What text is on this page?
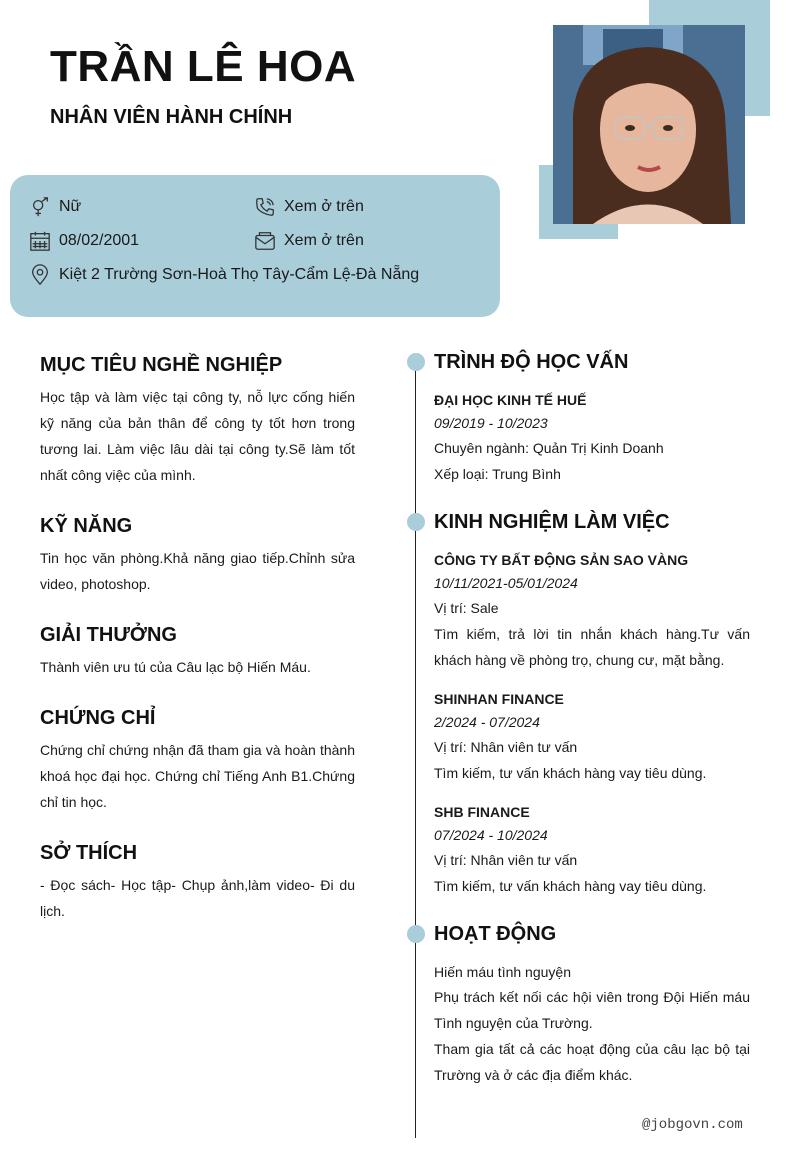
TRẦN LÊ HOA
NHÂN VIÊN HÀNH CHÍNH
Nữ	Xem ở trên
08/02/2001	Xem ở trên
Kiệt 2 Trường Sơn-Hoà Thọ Tây-Cẩm Lệ-Đà Nẵng
MỤC TIÊU NGHỀ NGHIỆP

Học tập và làm việc tại công ty, nỗ lực cống hiến kỹ năng của bản thân để công ty tốt hơn trong tương lai. Làm việc lâu dài tại công ty.Sẽ làm tốt nhất công việc của mình.

KỸ NĂNG

Tin học văn phòng.Khả năng giao tiếp.Chỉnh sửa video, photoshop.

GIẢI THƯỞNG

Thành viên ưu tú của Câu lạc bộ Hiến Máu.

CHỨNG CHỈ

Chứng chỉ chứng nhận đã tham gia và hoàn thành khoá học đại học. Chứng chỉ Tiếng Anh B1.Chứng chỉ tin học.

SỞ THÍCH

- Đọc sách- Học tập- Chụp ảnh,làm video- Đi du lịch.

TRÌNH ĐỘ HỌC VẤN

ĐẠI HỌC KINH TẾ HUẾ

09/2019 - 10/2023

Chuyên ngành: Quản Trị Kinh Doanh

Xếp loại: Trung Bình

KINH NGHIỆM LÀM VIỆC

CÔNG TY BẤT ĐỘNG SẢN SAO VÀNG

10/11/2021-05/01/2024

Vị trí: Sale

Tìm kiếm, trả lời tin nhắn khách hàng.Tư vấn khách hàng về phòng trọ, chung cư, mặt bằng.

SHINHAN FINANCE

2/2024 - 07/2024

Vị trí: Nhân viên tư vấn

Tìm kiếm, tư vấn khách hàng vay tiêu dùng.

SHB FINANCE

07/2024 - 10/2024

Vị trí: Nhân viên tư vấn

Tìm kiếm, tư vấn khách hàng vay tiêu dùng.

HOẠT ĐỘNG

Hiến máu tình nguyện

Phụ trách kết nối các hội viên trong Đội Hiến máu Tình nguyện của Trường.

Tham gia tất cả các hoạt động của câu lạc bộ tại Trường và ở các địa điểm khác.

@jobgovn.com
